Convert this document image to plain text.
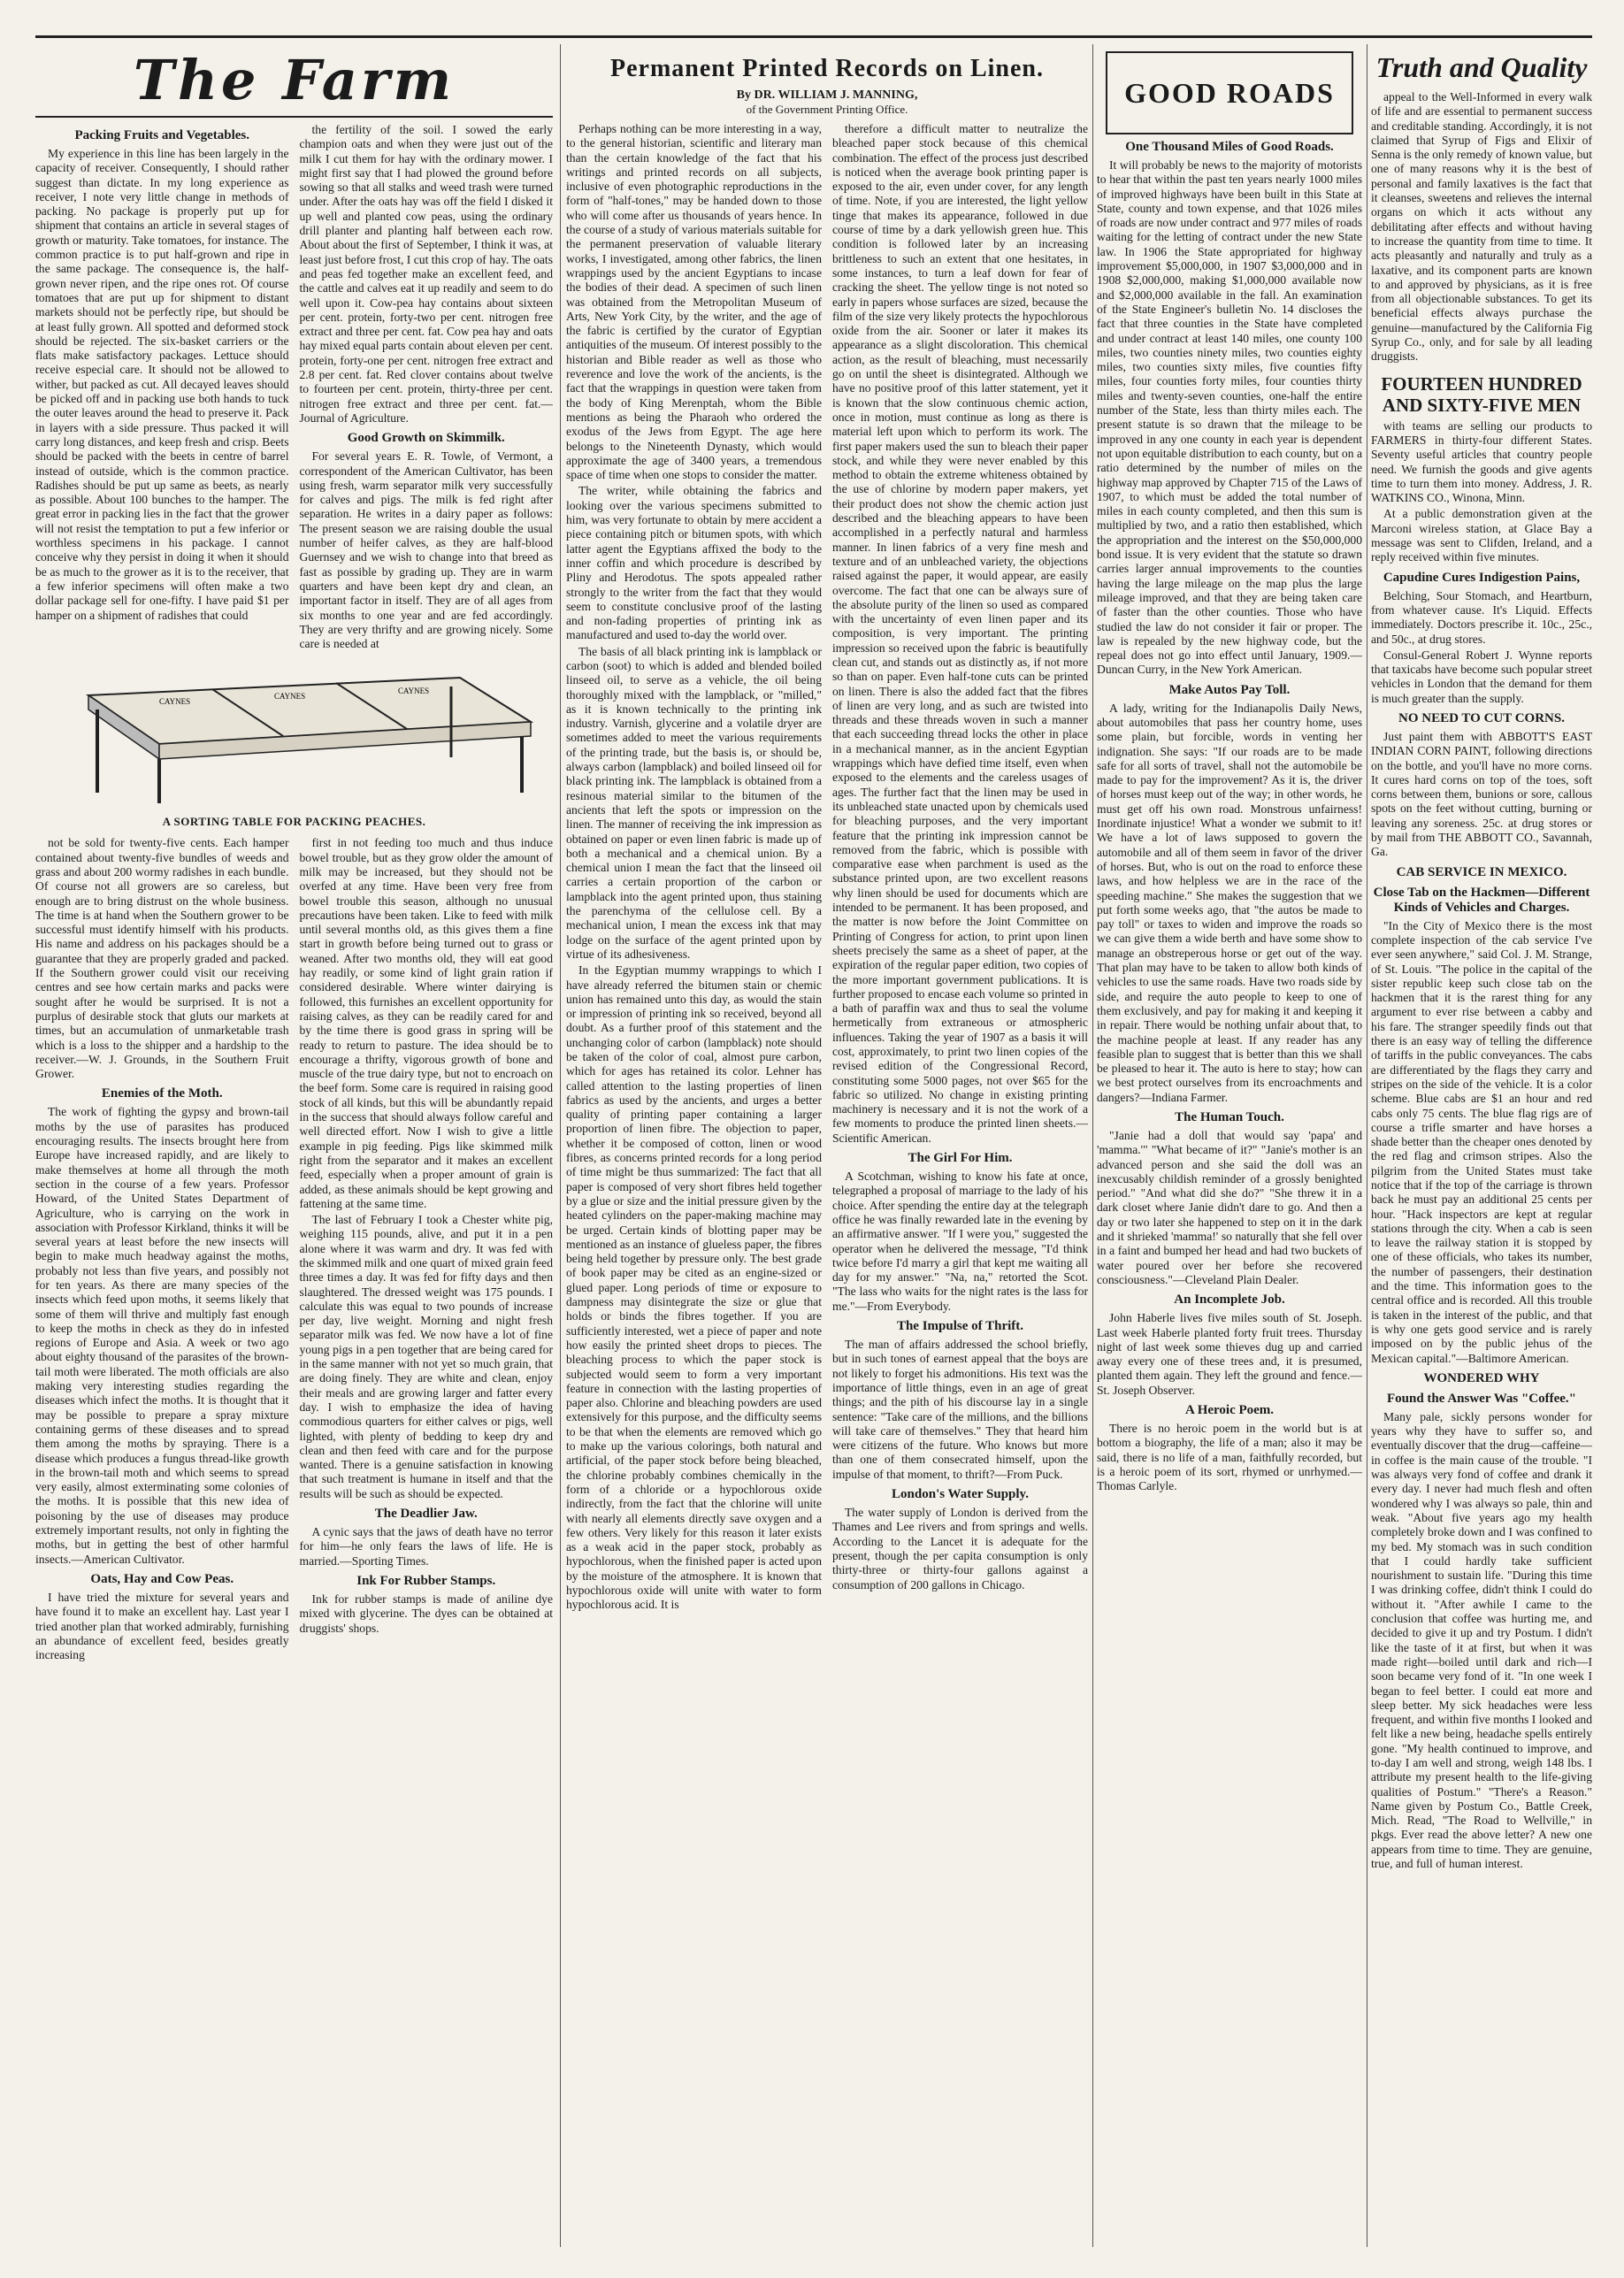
The Farm
Packing Fruits and Vegetables.

My experience in this line has been largely in the capacity of receiver. Consequently, I should rather suggest than dictate. In my long experience as receiver, I note very little change in methods of packing. No package is properly put up for shipment that contains an article in several stages of growth or maturity. Take tomatoes, for instance. The common practice is to put half-grown and ripe in the same package. The consequence is, the half-grown never ripen, and the ripe ones rot. Of course tomatoes that are put up for shipment to distant markets should not be perfectly ripe, but should be at least fully grown. All spotted and deformed stock should be rejected. The six-basket carriers or the flats make satisfactory packages. Lettuce should receive especial care. It should not be allowed to wither, but packed as cut. All decayed leaves should be picked off and in packing use both hands to tuck the outer leaves around the head to preserve it. Pack in layers with a side pressure. Thus packed it will carry long distances, and keep fresh and crisp. Beets should be packed with the beets in centre of barrel instead of outside, which is the common practice. Radishes should be put up same as beets, as nearly as possible. About 100 bunches to the hamper. The great error in packing lies in the fact that the grower will not resist the temptation to put a few inferior or worthless specimens in his package. I cannot conceive why they persist in doing it when it should be as much to the grower as it is to the receiver, that a few inferior specimens will often make a two dollar package sell for one-fifty. I have paid $1 per hamper on a shipment of radishes that could

the fertility of the soil. I sowed the early champion oats and when they were just out of the milk I cut them for hay with the ordinary mower. I might first say that I had plowed the ground before sowing so that all stalks and weed trash were turned under. After the oats hay was off the field I disked it up well and planted cow peas, using the ordinary drill planter and planting half between each row. About about the first of September, I think it was, at least just before frost, I cut this crop of hay. The oats and peas fed together make an excellent feed, and the cattle and calves eat it up readily and seem to do well upon it. Cow-pea hay contains about sixteen per cent. protein, forty-two per cent. nitrogen free extract and three per cent. fat. Cow pea hay and oats hay mixed equal parts contain about eleven per cent. protein, forty-one per cent. nitrogen free extract and 2.8 per cent. fat. Red clover contains about twelve to fourteen per cent. protein, thirty-three per cent. nitrogen free extract and three per cent. fat.—Journal of Agriculture.

Good Growth on Skimmilk.

For several years E. R. Towle, of Vermont, a correspondent of the American Cultivator, has been using fresh, warm separator milk very successfully for calves and pigs. The milk is fed right after separation. He writes in a dairy paper as follows: The present season we are raising double the usual number of heifer calves, as they are half-blood Guernsey and we wish to change into that breed as fast as possible by grading up. They are in warm quarters and have been kept dry and clean, an important factor in itself. They are of all ages from six months to one year and are fed accordingly. They are very thrifty and are growing nicely. Some care is needed at

CAYNES
CAYNES
CAYNES
A SORTING TABLE FOR PACKING PEACHES.

not be sold for twenty-five cents. Each hamper contained about twenty-five bundles of weeds and grass and about 200 wormy radishes in each bundle. Of course not all growers are so careless, but enough are to bring distrust on the whole business. The time is at hand when the Southern grower to be successful must identify himself with his products. His name and address on his packages should be a guarantee that they are properly graded and packed. If the Southern grower could visit our receiving centres and see how certain marks and packs were sought after he would be surprised. It is not a purplus of desirable stock that gluts our markets at times, but an accumulation of unmarketable trash which is a loss to the shipper and a hardship to the receiver.—W. J. Grounds, in the Southern Fruit Grower.

Enemies of the Moth.

The work of fighting the gypsy and brown-tail moths by the use of parasites has produced encouraging results. The insects brought here from Europe have increased rapidly, and are likely to make themselves at home all through the moth section in the course of a few years. Professor Howard, of the United States Department of Agriculture, who is carrying on the work in association with Professor Kirkland, thinks it will be several years at least before the new insects will begin to make much headway against the moths, probably not less than five years, and possibly not for ten years. As there are many species of the insects which feed upon moths, it seems likely that some of them will thrive and multiply fast enough to keep the moths in check as they do in infested regions of Europe and Asia. A week or two ago about eighty thousand of the parasites of the brown-tail moth were liberated. The moth officials are also making very interesting studies regarding the diseases which infect the moths. It is thought that it may be possible to prepare a spray mixture containing germs of these diseases and to spread them among the moths by spraying. There is a disease which produces a fungus thread-like growth in the brown-tail moth and which seems to spread very easily, almost exterminating some colonies of the moths. It is possible that this new idea of poisoning by the use of diseases may produce extremely important results, not only in fighting the moths, but in getting the best of other harmful insects.—American Cultivator.

Oats, Hay and Cow Peas.

I have tried the mixture for several years and have found it to make an excellent hay. Last year I tried another plan that worked admirably, furnishing an abundance of excellent feed, besides greatly increasing

first in not feeding too much and thus induce bowel trouble, but as they grow older the amount of milk may be increased, but they should not be overfed at any time. Have been very free from bowel trouble this season, although no unusual precautions have been taken. Like to feed with milk until several months old, as this gives them a fine start in growth before being turned out to grass or weaned. After two months old, they will eat good hay readily, or some kind of light grain ration if considered desirable. Where winter dairying is followed, this furnishes an excellent opportunity for raising calves, as they can be readily cared for and by the time there is good grass in spring will be ready to return to pasture. The idea should be to encourage a thrifty, vigorous growth of bone and muscle of the true dairy type, but not to encroach on the beef form. Some care is required in raising good stock of all kinds, but this will be abundantly repaid in the success that should always follow careful and well directed effort. Now I wish to give a little example in pig feeding. Pigs like skimmed milk right from the separator and it makes an excellent feed, especially when a proper amount of grain is added, as these animals should be kept growing and fattening at the same time.

The last of February I took a Chester white pig, weighing 115 pounds, alive, and put it in a pen alone where it was warm and dry. It was fed with the skimmed milk and one quart of mixed grain feed three times a day. It was fed for fifty days and then slaughtered. The dressed weight was 175 pounds. I calculate this was equal to two pounds of increase per day, live weight. Morning and night fresh separator milk was fed. We now have a lot of fine young pigs in a pen together that are being cared for in the same manner with not yet so much grain, that are doing finely. They are white and clean, enjoy their meals and are growing larger and fatter every day. I wish to emphasize the idea of having commodious quarters for either calves or pigs, well lighted, with plenty of bedding to keep dry and clean and then feed with care and for the purpose wanted. There is a genuine satisfaction in knowing that such treatment is humane in itself and that the results will be such as should be expected.

The Deadlier Jaw.

A cynic says that the jaws of death have no terror for him—he only fears the laws of life. He is married.—Sporting Times.

Ink For Rubber Stamps.

Ink for rubber stamps is made of aniline dye mixed with glycerine. The dyes can be obtained at druggists' shops.

Permanent Printed Records on Linen.
By DR. WILLIAM J. MANNING,
of the Government Printing Office.

Perhaps nothing can be more interesting in a way, to the general historian, scientific and literary man than the certain knowledge of the fact that his writings and printed records on all subjects, inclusive of even photographic reproductions in the form of "half-tones," may be handed down to those who will come after us thousands of years hence. In the course of a study of various materials suitable for the permanent preservation of valuable literary works, I investigated, among other fabrics, the linen wrappings used by the ancient Egyptians to incase the bodies of their dead. A specimen of such linen was obtained from the Metropolitan Museum of Arts, New York City, by the writer, and the age of the fabric is certified by the curator of Egyptian antiquities of the museum. Of interest possibly to the historian and Bible reader as well as those who reverence and love the work of the ancients, is the fact that the wrappings in question were taken from the body of King Merenptah, whom the Bible mentions as being the Pharaoh who ordered the exodus of the Jews from Egypt. The age here belongs to the Nineteenth Dynasty, which would approximate the age of 3400 years, a tremendous space of time when one stops to consider the matter.

The writer, while obtaining the fabrics and looking over the various specimens submitted to him, was very fortunate to obtain by mere accident a piece containing pitch or bitumen spots, with which latter agent the Egyptians affixed the body to the inner coffin and which procedure is described by Pliny and Herodotus. The spots appealed rather strongly to the writer from the fact that they would seem to constitute conclusive proof of the lasting and non-fading properties of printing ink as manufactured and used to-day the world over.

The basis of all black printing ink is lampblack or carbon (soot) to which is added and blended boiled linseed oil, to serve as a vehicle, the oil being thoroughly mixed with the lampblack, or "milled," as it is known technically to the printing ink industry. Varnish, glycerine and a volatile dryer are sometimes added to meet the various requirements of the printing trade, but the basis is, or should be, always carbon (lampblack) and boiled linseed oil for black printing ink. The lampblack is obtained from a resinous material similar to the bitumen of the ancients that left the spots or impression on the linen. The manner of receiving the ink impression as obtained on paper or even linen fabric is made up of both a mechanical and a chemical union. By a chemical union I mean the fact that the linseed oil carries a certain proportion of the carbon or lampblack into the agent printed upon, thus staining the parenchyma of the cellulose cell. By a mechanical union, I mean the excess ink that may lodge on the surface of the agent printed upon by virtue of its adhesiveness.

In the Egyptian mummy wrappings to which I have already referred the bitumen stain or chemic union has remained unto this day, as would the stain or impression of printing ink so received, beyond all doubt. As a further proof of this statement and the unchanging color of carbon (lampblack) note should be taken of the color of coal, almost pure carbon, which for ages has retained its color. Lehner has called attention to the lasting properties of linen fabrics as used by the ancients, and urges a better quality of printing paper containing a larger proportion of linen fibre. The objection to paper, whether it be composed of cotton, linen or wood fibres, as concerns printed records for a long period of time might be thus summarized: The fact that all paper is composed of very short fibres held together by a glue or size and the initial pressure given by the heated cylinders on the paper-making machine may be urged. Certain kinds of blotting paper may be mentioned as an instance of glueless paper, the fibres being held together by pressure only. The best grade of book paper may be cited as an engine-sized or glued paper. Long periods of time or exposure to dampness may disintegrate the size or glue that holds or binds the fibres together. If you are sufficiently interested, wet a piece of paper and note how easily the printed sheet drops to pieces. The bleaching process to which the paper stock is subjected would seem to form a very important feature in connection with the lasting properties of paper also. Chlorine and bleaching powders are used extensively for this purpose, and the difficulty seems to be that when the elements are removed which go to make up the various colorings, both natural and artificial, of the paper stock before being bleached, the chlorine probably combines chemically in the form of a chloride or a hypochlorous oxide indirectly, from the fact that the chlorine will unite with nearly all elements directly save oxygen and a few others. Very likely for this reason it later exists as a weak acid in the paper stock, probably as hypochlorous, when the finished paper is acted upon by the moisture of the atmosphere. It is known that hypochlorous oxide will unite with water to form hypochlorous acid. It is

therefore a difficult matter to neutralize the bleached paper stock because of this chemical combination. The effect of the process just described is noticed when the average book printing paper is exposed to the air, even under cover, for any length of time. Note, if you are interested, the light yellow tinge that makes its appearance, followed in due course of time by a dark yellowish green hue. This condition is followed later by an increasing brittleness to such an extent that one hesitates, in some instances, to turn a leaf down for fear of cracking the sheet. The yellow tinge is not noted so early in papers whose surfaces are sized, because the film of the size very likely protects the hypochlorous oxide from the air. Sooner or later it makes its appearance as a slight discoloration. This chemical action, as the result of bleaching, must necessarily go on until the sheet is disintegrated. Although we have no positive proof of this latter statement, yet it is known that the slow continuous chemic action, once in motion, must continue as long as there is material left upon which to perform its work. The first paper makers used the sun to bleach their paper stock, and while they were never enabled by this method to obtain the extreme whiteness obtained by the use of chlorine by modern paper makers, yet their product does not show the chemic action just described and the bleaching appears to have been accomplished in a perfectly natural and harmless manner. In linen fabrics of a very fine mesh and texture and of an unbleached variety, the objections raised against the paper, it would appear, are easily overcome. The fact that one can be always sure of the absolute purity of the linen so used as compared with the uncertainty of even linen paper and its composition, is very important. The printing impression so received upon the fabric is beautifully clean cut, and stands out as distinctly as, if not more so than on paper. Even half-tone cuts can be printed on linen. There is also the added fact that the fibres of linen are very long, and as such are twisted into threads and these threads woven in such a manner that each succeeding thread locks the other in place in a mechanical manner, as in the ancient Egyptian wrappings which have defied time itself, even when exposed to the elements and the careless usages of ages. The further fact that the linen may be used in its unbleached state unacted upon by chemicals used for bleaching purposes, and the very important feature that the printing ink impression cannot be removed from the fabric, which is possible with comparative ease when parchment is used as the substance printed upon, are two excellent reasons why linen should be used for documents which are intended to be permanent. It has been proposed, and the matter is now before the Joint Committee on Printing of Congress for action, to print upon linen sheets precisely the same as a sheet of paper, at the expiration of the regular paper edition, two copies of the more important government publications. It is further proposed to encase each volume so printed in a bath of paraffin wax and thus to seal the volume hermetically from extraneous or atmospheric influences. Taking the year of 1907 as a basis it will cost, approximately, to print two linen copies of the revised edition of the Congressional Record, constituting some 5000 pages, not over $65 for the fabric so utilized. No change in existing printing machinery is necessary and it is not the work of a few moments to produce the printed linen sheets.—Scientific American.

The Girl For Him.

A Scotchman, wishing to know his fate at once, telegraphed a proposal of marriage to the lady of his choice. After spending the entire day at the telegraph office he was finally rewarded late in the evening by an affirmative answer. "If I were you," suggested the operator when he delivered the message, "I'd think twice before I'd marry a girl that kept me waiting all day for my answer." "Na, na," retorted the Scot. "The lass who waits for the night rates is the lass for me."—From Everybody.

The Impulse of Thrift.

The man of affairs addressed the school briefly, but in such tones of earnest appeal that the boys are not likely to forget his admonitions. His text was the importance of little things, even in an age of great things; and the pith of his discourse lay in a single sentence: "Take care of the millions, and the billions will take care of themselves." They that heard him were citizens of the future. Who knows but more than one of them consecrated himself, upon the impulse of that moment, to thrift?—From Puck.

London's Water Supply.

The water supply of London is derived from the Thames and Lee rivers and from springs and wells. According to the Lancet it is adequate for the present, though the per capita consumption is only thirty-three or thirty-four gallons against a consumption of 200 gallons in Chicago.

GOOD ROADS
One Thousand Miles of Good Roads.

It will probably be news to the majority of motorists to hear that within the past ten years nearly 1000 miles of improved highways have been built in this State at State, county and town expense, and that 1026 miles of roads are now under contract and 977 miles of roads waiting for the letting of contract under the new State law. In 1906 the State appropriated for highway improvement $5,000,000, in 1907 $3,000,000 and in 1908 $2,000,000, making $1,000,000 available now and $2,000,000 available in the fall. An examination of the State Engineer's bulletin No. 14 discloses the fact that three counties in the State have completed and under contract at least 140 miles, one county 100 miles, two counties ninety miles, two counties eighty miles, two counties sixty miles, five counties fifty miles, four counties forty miles, four counties thirty miles and twenty-seven counties, one-half the entire number of the State, less than thirty miles each. The present statute is so drawn that the mileage to be improved in any one county in each year is dependent not upon equitable distribution to each county, but on a ratio determined by the number of miles on the highway map approved by Chapter 715 of the Laws of 1907, to which must be added the total number of miles in each county completed, and then this sum is multiplied by two, and a ratio then established, which the appropriation and the interest on the $50,000,000 bond issue. It is very evident that the statute so drawn carries larger annual improvements to the counties having the large mileage on the map plus the large mileage improved, and that they are being taken care of faster than the other counties. Those who have studied the law do not consider it fair or proper. The law is repealed by the new highway code, but the repeal does not go into effect until January, 1909.—Duncan Curry, in the New York American.

Make Autos Pay Toll.

A lady, writing for the Indianapolis Daily News, about automobiles that pass her country home, uses some plain, but forcible, words in venting her indignation. She says: "If our roads are to be made safe for all sorts of travel, shall not the automobile be made to pay for the improvement? As it is, the driver of horses must keep out of the way; in other words, he must get off his own road. Monstrous unfairness! Inordinate injustice! What a wonder we submit to it! We have a lot of laws supposed to govern the automobile and all of them seem in favor of the driver of horses. But, who is out on the road to enforce these laws, and how helpless we are in the race of the speeding machine." She makes the suggestion that we put forth some weeks ago, that "the autos be made to pay toll" or taxes to widen and improve the roads so we can give them a wide berth and have some show to manage an obstreperous horse or get out of the way. That plan may have to be taken to allow both kinds of vehicles to use the same roads. Have two roads side by side, and require the auto people to keep to one of them exclusively, and pay for making it and keeping it in repair. There would be nothing unfair about that, to the machine people at least. If any reader has any feasible plan to suggest that is better than this we shall be pleased to hear it. The auto is here to stay; how can we best protect ourselves from its encroachments and dangers?—Indiana Farmer.

The Human Touch.

"Janie had a doll that would say 'papa' and 'mamma.'" "What became of it?" "Janie's mother is an advanced person and she said the doll was an inexcusably childish reminder of a grossly benighted period." "And what did she do?" "She threw it in a dark closet where Janie didn't dare to go. And then a day or two later she happened to step on it in the dark and it shrieked 'mamma!' so naturally that she fell over in a faint and bumped her head and had two buckets of water poured over her before she recovered consciousness."—Cleveland Plain Dealer.

An Incomplete Job.

John Haberle lives five miles south of St. Joseph. Last week Haberle planted forty fruit trees. Thursday night of last week some thieves dug up and carried away every one of these trees and, it is presumed, planted them again. They left the ground and fence.—St. Joseph Observer.

A Heroic Poem.

There is no heroic poem in the world but is at bottom a biography, the life of a man; also it may be said, there is no life of a man, faithfully recorded, but is a heroic poem of its sort, rhymed or unrhymed.—Thomas Carlyle.

Truth and Quality

appeal to the Well-Informed in every walk of life and are essential to permanent success and creditable standing. Accordingly, it is not claimed that Syrup of Figs and Elixir of Senna is the only remedy of known value, but one of many reasons why it is the best of personal and family laxatives is the fact that it cleanses, sweetens and relieves the internal organs on which it acts without any debilitating after effects and without having to increase the quantity from time to time. It acts pleasantly and naturally and truly as a laxative, and its component parts are known to and approved by physicians, as it is free from all objectionable substances. To get its beneficial effects always purchase the genuine—manufactured by the California Fig Syrup Co., only, and for sale by all leading druggists.

FOURTEEN HUNDRED AND SIXTY-FIVE MEN

with teams are selling our products to FARMERS in thirty-four different States. Seventy useful articles that country people need. We furnish the goods and give agents time to turn them into money. Address, J. R. WATKINS CO., Winona, Minn.

At a public demonstration given at the Marconi wireless station, at Glace Bay a message was sent to Clifden, Ireland, and a reply received within five minutes.

Capudine Cures Indigestion Pains,

Belching, Sour Stomach, and Heartburn, from whatever cause. It's Liquid. Effects immediately. Doctors prescribe it. 10c., 25c., and 50c., at drug stores.

Consul-General Robert J. Wynne reports that taxicabs have become such popular street vehicles in London that the demand for them is much greater than the supply.

NO NEED TO CUT CORNS.

Just paint them with ABBOTT'S EAST INDIAN CORN PAINT, following directions on the bottle, and you'll have no more corns. It cures hard corns on top of the toes, soft corns between them, bunions or sore, callous spots on the feet without cutting, burning or leaving any soreness. 25c. at drug stores or by mail from THE ABBOTT CO., Savannah, Ga.

CAB SERVICE IN MEXICO.
Close Tab on the Hackmen—Different Kinds of Vehicles and Charges.

"In the City of Mexico there is the most complete inspection of the cab service I've ever seen anywhere," said Col. J. M. Strange, of St. Louis. "The police in the capital of the sister republic keep such close tab on the hackmen that it is the rarest thing for any argument to ever rise between a cabby and his fare. The stranger speedily finds out that there is an easy way of telling the difference of tariffs in the public conveyances. The cabs are differentiated by the flags they carry and stripes on the side of the vehicle. It is a color scheme. Blue cabs are $1 an hour and red cabs only 75 cents. The blue flag rigs are of course a trifle smarter and have horses a shade better than the cheaper ones denoted by the red flag and crimson stripes. Also the pilgrim from the United States must take notice that if the top of the carriage is thrown back he must pay an additional 25 cents per hour. "Hack inspectors are kept at regular stations through the city. When a cab is seen to leave the railway station it is stopped by one of these officials, who takes its number, the number of passengers, their destination and the time. This information goes to the central office and is recorded. All this trouble is taken in the interest of the public, and that is why one gets good service and is rarely imposed on by the public jehus of the Mexican capital."—Baltimore American.

WONDERED WHY
Found the Answer Was "Coffee."

Many pale, sickly persons wonder for years why they have to suffer so, and eventually discover that the drug—caffeine—in coffee is the main cause of the trouble. "I was always very fond of coffee and drank it every day. I never had much flesh and often wondered why I was always so pale, thin and weak. "About five years ago my health completely broke down and I was confined to my bed. My stomach was in such condition that I could hardly take sufficient nourishment to sustain life. "During this time I was drinking coffee, didn't think I could do without it. "After awhile I came to the conclusion that coffee was hurting me, and decided to give it up and try Postum. I didn't like the taste of it at first, but when it was made right—boiled until dark and rich—I soon became very fond of it. "In one week I began to feel better. I could eat more and sleep better. My sick headaches were less frequent, and within five months I looked and felt like a new being, headache spells entirely gone. "My health continued to improve, and to-day I am well and strong, weigh 148 lbs. I attribute my present health to the life-giving qualities of Postum." "There's a Reason." Name given by Postum Co., Battle Creek, Mich. Read, "The Road to Wellville," in pkgs. Ever read the above letter? A new one appears from time to time. They are genuine, true, and full of human interest.
